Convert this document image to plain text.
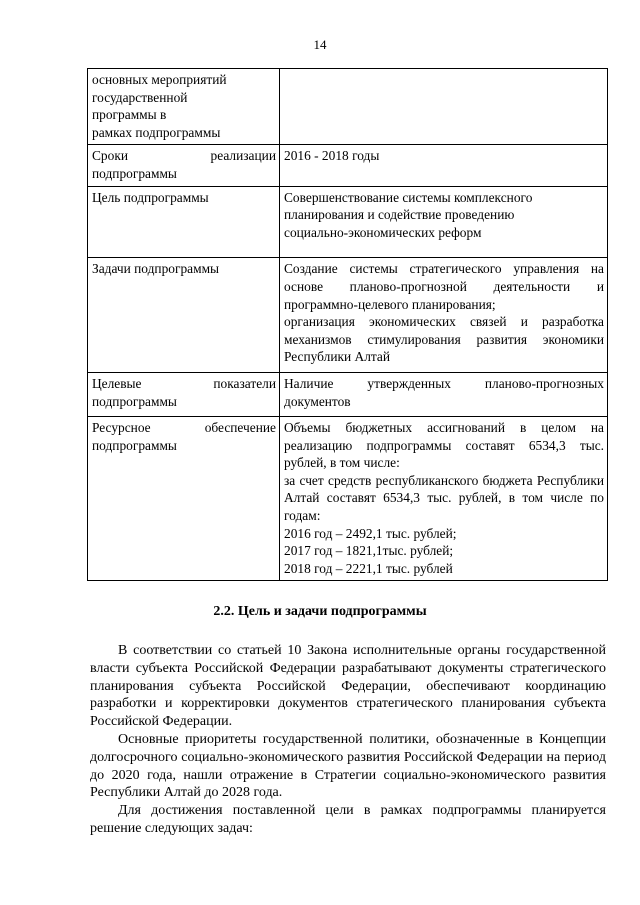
14
основных мероприятий
государственной
программы в
рамках подпрограммы	

Сроки реализации
подпрограммы	2016 - 2018 годы

Цель подпрограммы	Совершенствование системы комплексного
планирования и содействие проведению
социально-экономических реформ

Задачи подпрограммы	Создание системы стратегического управления на основе планово-прогнозной деятельности и программно-целевого планирования;
организация экономических связей и разработка механизмов стимулирования развития экономики Республики Алтай

Целевые показатели
подпрограммы	Наличие утвержденных планово-прогнозных документов

Ресурсное обеспечение
подпрограммы	Объемы бюджетных ассигнований в целом на реализацию подпрограммы составят 6534,3 тыс. рублей, в том числе:
за счет средств республиканского бюджета Республики Алтай составят 6534,3 тыс. рублей, в том числе по годам:
2016 год – 2492,1 тыс. рублей;
2017 год – 1821,1тыс. рублей;
2018 год – 2221,1 тыс. рублей
2.2. Цель и задачи подпрограммы

В соответствии со статьей 10 Закона исполнительные органы государственной власти субъекта Российской Федерации разрабатывают документы стратегического планирования субъекта Российской Федерации, обеспечивают координацию разработки и корректировки документов стратегического планирования субъекта Российской Федерации.

Основные приоритеты государственной политики, обозначенные в Концепции долгосрочного социально-экономического развития Российской Федерации на период до 2020 года, нашли отражение в Стратегии социально-экономического развития Республики Алтай до 2028 года.

Для достижения поставленной цели в рамках подпрограммы планируется решение следующих задач:
